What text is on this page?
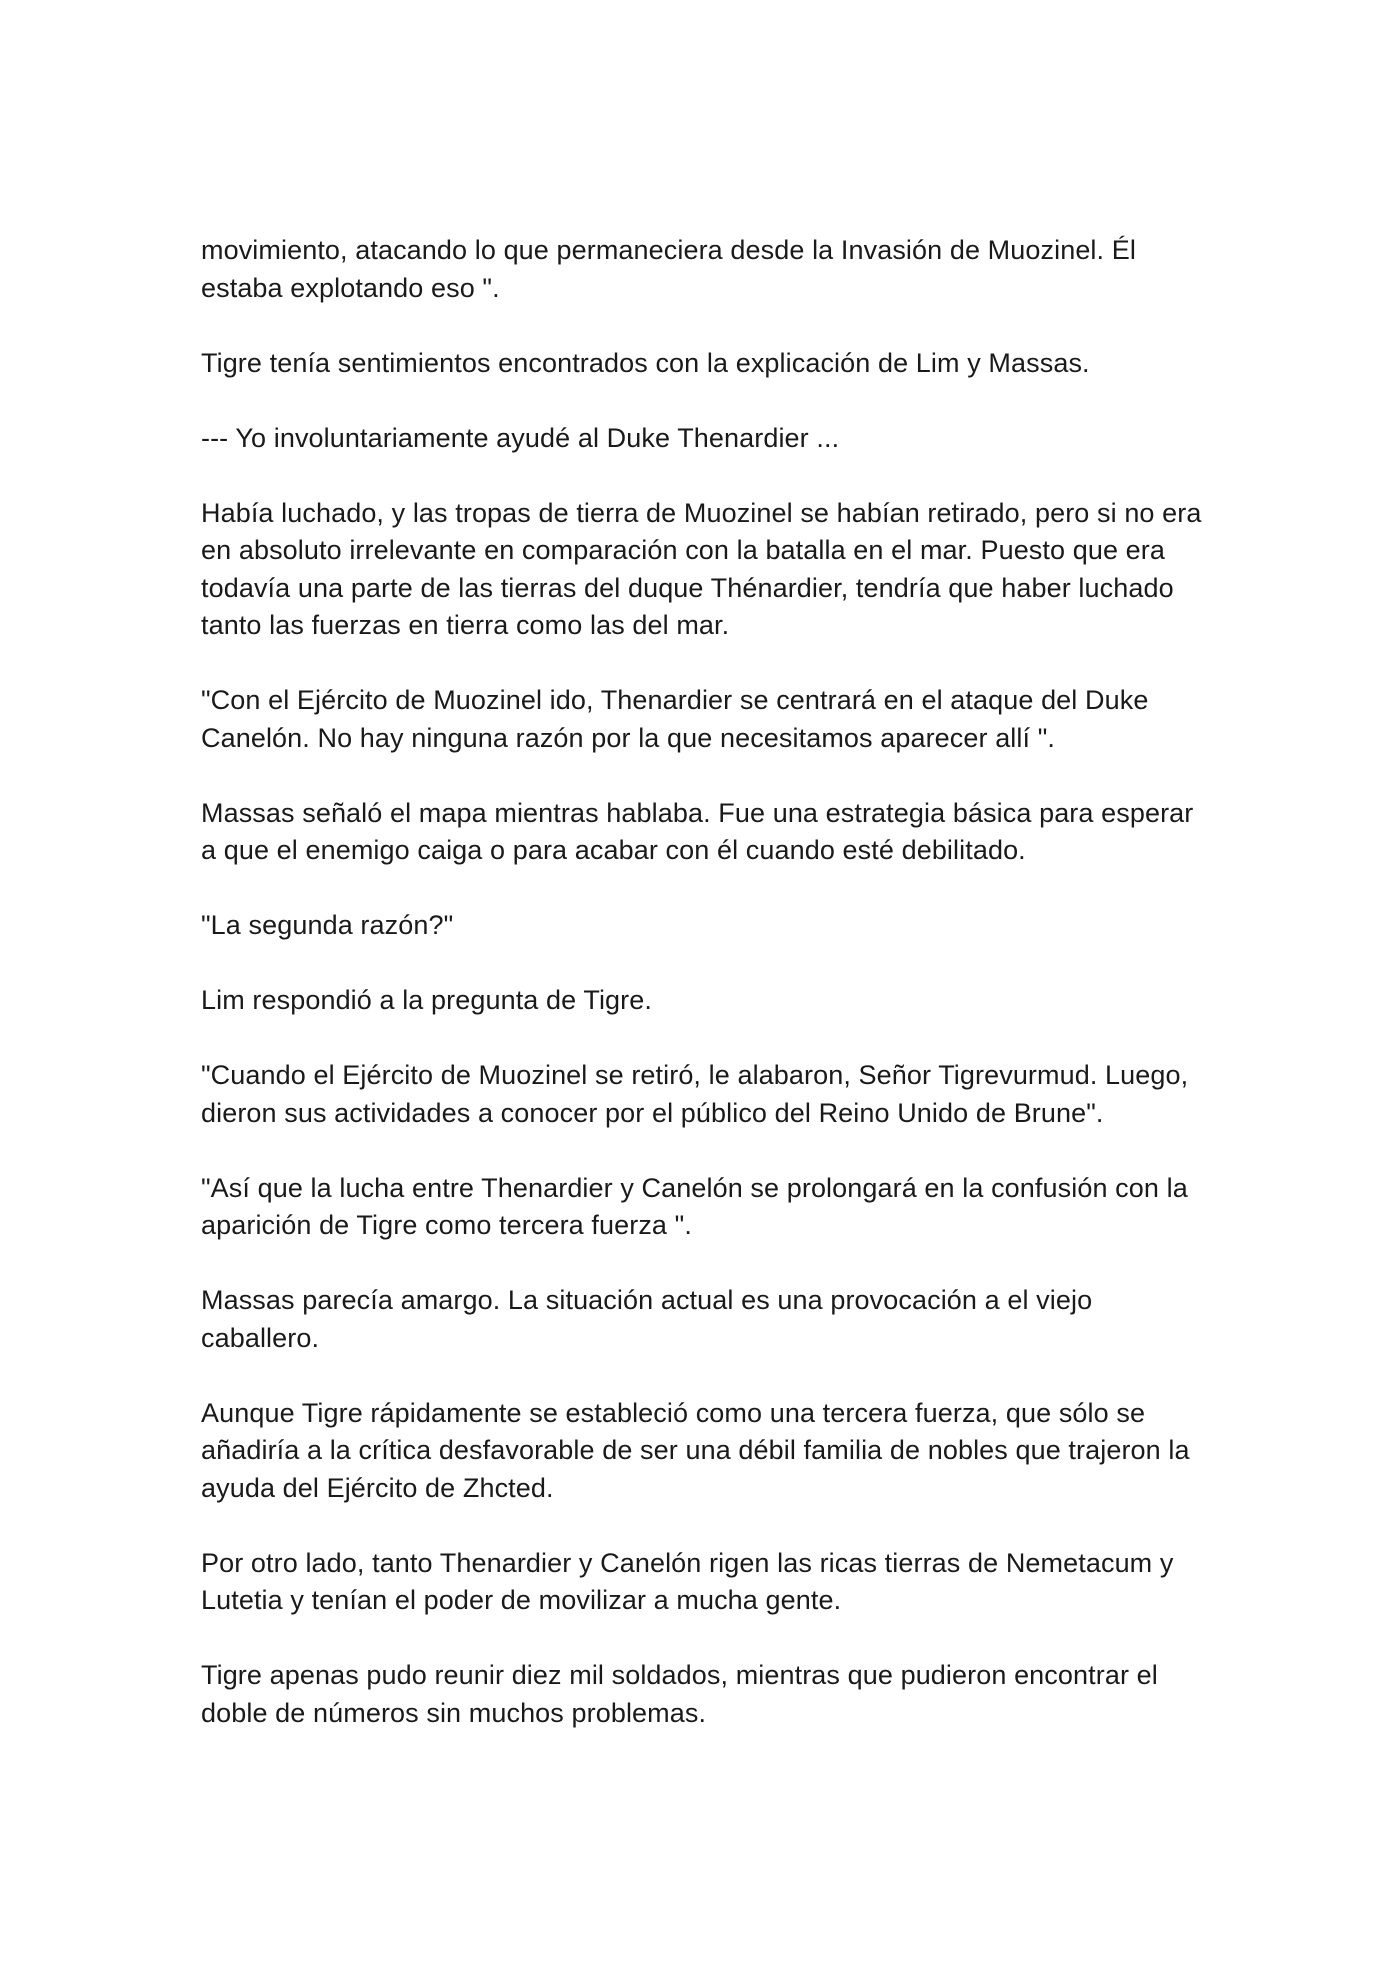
movimiento, atacando lo que permaneciera desde la Invasión de Muozinel. Él estaba explotando eso ".

Tigre tenía sentimientos encontrados con la explicación de Lim y Massas.

--- Yo involuntariamente ayudé al Duke Thenardier ...

Había luchado, y las tropas de tierra de Muozinel se habían retirado, pero si no era en absoluto irrelevante en comparación con la batalla en el mar. Puesto que era todavía una parte de las tierras del duque Thénardier, tendría que haber luchado tanto las fuerzas en tierra como las del mar.

"Con el Ejército de Muozinel ido, Thenardier se centrará en el ataque del Duke Canelón. No hay ninguna razón por la que necesitamos aparecer allí ".

Massas señaló el mapa mientras hablaba. Fue una estrategia básica para esperar a que el enemigo caiga o para acabar con él cuando esté debilitado.

"La segunda razón?"

Lim respondió a la pregunta de Tigre.

"Cuando el Ejército de Muozinel se retiró, le alabaron, Señor Tigrevurmud. Luego, dieron sus actividades a conocer por el público del Reino Unido de Brune".

"Así que la lucha entre Thenardier y Canelón se prolongará en la confusión con la aparición de Tigre como tercera fuerza ".

Massas parecía amargo. La situación actual es una provocación a el viejo caballero.

Aunque Tigre rápidamente se estableció como una tercera fuerza, que sólo se añadiría a la crítica desfavorable de ser una débil familia de nobles que trajeron la ayuda del Ejército de Zhcted.

Por otro lado, tanto Thenardier y Canelón rigen las ricas tierras de Nemetacum y Lutetia y tenían el poder de movilizar a mucha gente.

Tigre apenas pudo reunir diez mil soldados, mientras que pudieron encontrar el doble de números sin muchos problemas.
